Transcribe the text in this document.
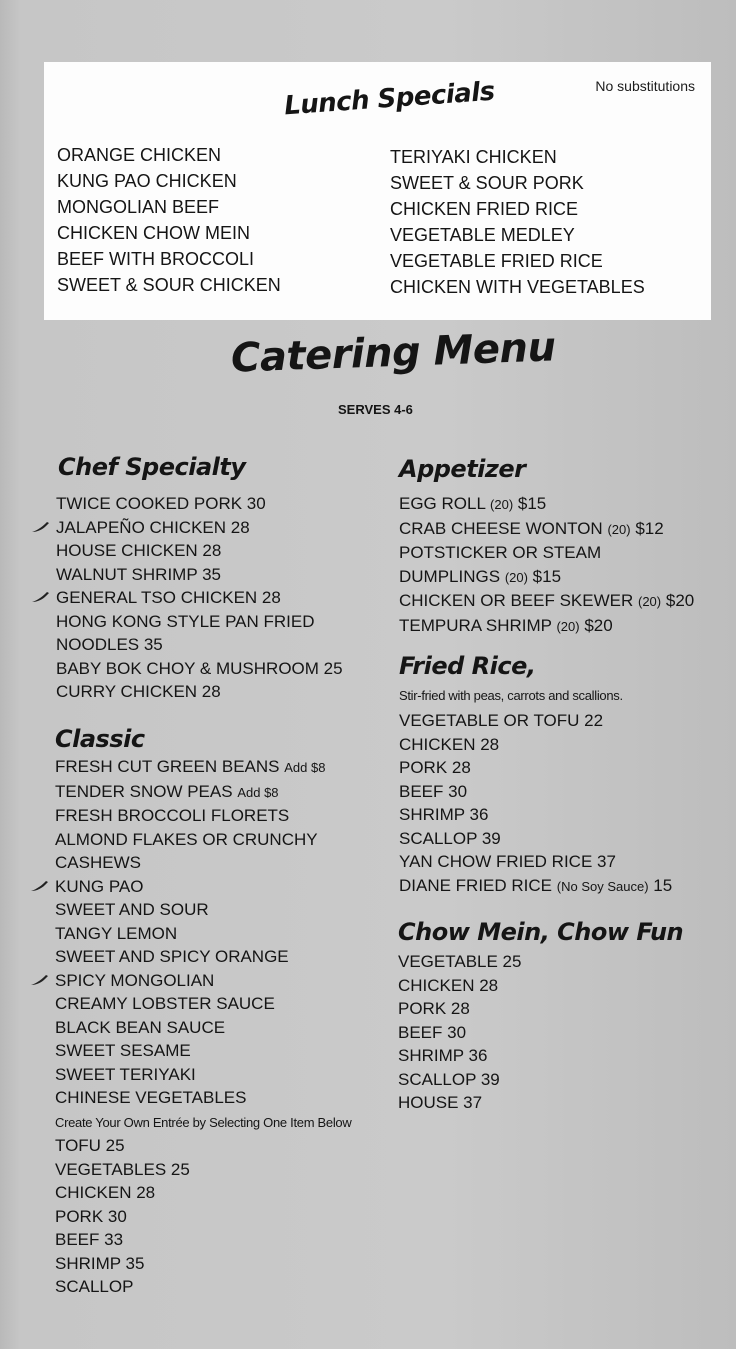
No substitutions
Lunch Specials
ORANGE CHICKEN
KUNG PAO CHICKEN
MONGOLIAN BEEF
CHICKEN CHOW MEIN
BEEF WITH BROCCOLI
SWEET & SOUR CHICKEN
TERIYAKI CHICKEN
SWEET & SOUR PORK
CHICKEN FRIED RICE
VEGETABLE MEDLEY
VEGETABLE FRIED RICE
CHICKEN WITH VEGETABLES
Catering Menu
SERVES 4-6
Chef Specialty
TWICE COOKED PORK 30
JALAPEÑO CHICKEN 28
HOUSE CHICKEN 28
WALNUT SHRIMP 35
GENERAL TSO CHICKEN 28
HONG KONG STYLE PAN FRIED
NOODLES 35
BABY BOK CHOY & MUSHROOM 25
CURRY CHICKEN 28
Classic
FRESH CUT GREEN BEANS Add $8
TENDER SNOW PEAS Add $8
FRESH BROCCOLI FLORETS
ALMOND FLAKES OR CRUNCHY
CASHEWS
KUNG PAO
SWEET AND SOUR
TANGY LEMON
SWEET AND SPICY ORANGE
SPICY MONGOLIAN
CREAMY LOBSTER SAUCE
BLACK BEAN SAUCE
SWEET SESAME
SWEET TERIYAKI
CHINESE VEGETABLES
Create Your Own Entrée by Selecting One Item Below
TOFU 25
VEGETABLES 25
CHICKEN 28
PORK 30
BEEF 33
SHRIMP 35
SCALLOP
Appetizer
EGG ROLL (20) $15
CRAB CHEESE WONTON (20) $12
POTSTICKER OR STEAM
DUMPLINGS (20) $15
CHICKEN OR BEEF SKEWER (20) $20
TEMPURA SHRIMP (20) $20
Fried Rice,
Stir-fried with peas, carrots and scallions.
VEGETABLE OR TOFU 22
CHICKEN 28
PORK 28
BEEF 30
SHRIMP 36
SCALLOP 39
YAN CHOW FRIED RICE 37
DIANE FRIED RICE (No Soy Sauce) 15
Chow Mein, Chow Fun
VEGETABLE 25
CHICKEN 28
PORK 28
BEEF 30
SHRIMP 36
SCALLOP 39
HOUSE 37
